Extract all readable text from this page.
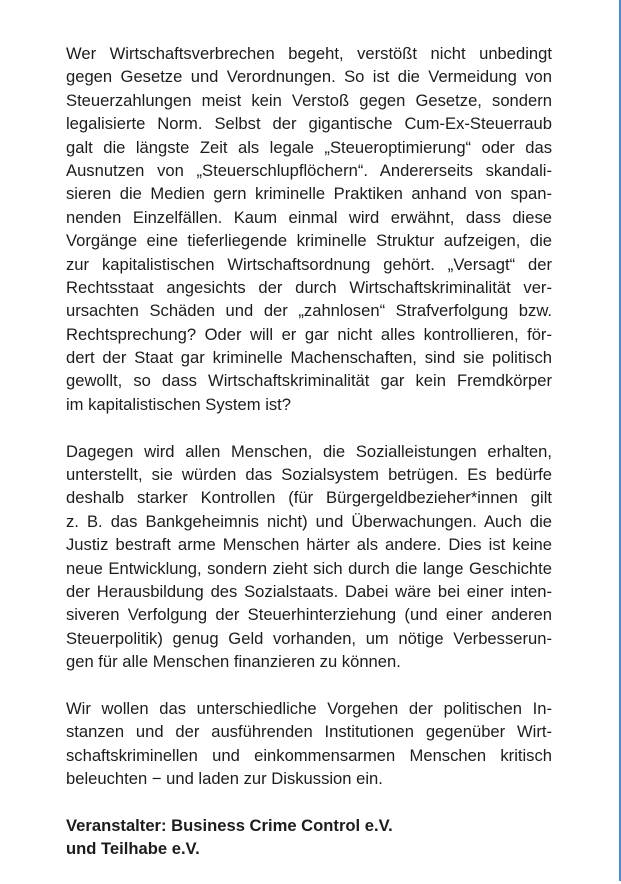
Wer Wirtschaftsverbrechen begeht, verstößt nicht unbedingt
gegen Gesetze und Verordnungen. So ist die Vermeidung von
Steuerzahlungen meist kein Verstoß gegen Gesetze, sondern
legalisierte Norm. Selbst der gigantische Cum-Ex-Steuerraub
galt die längste Zeit als legale „Steueroptimierung“ oder das
Ausnutzen von „Steuerschlupflöchern“. Andererseits skandali-
sieren die Medien gern kriminelle Praktiken anhand von span-
nenden Einzelfällen. Kaum einmal wird erwähnt, dass diese
Vorgänge eine tieferliegende kriminelle Struktur aufzeigen, die
zur kapitalistischen Wirtschaftsordnung gehört. „Versagt“ der
Rechtsstaat angesichts der durch Wirtschaftskriminalität ver-
ursachten Schäden und der „zahnlosen“ Strafverfolgung bzw.
Rechtsprechung? Oder will er gar nicht alles kontrollieren, för-
dert der Staat gar kriminelle Machenschaften, sind sie politisch
gewollt, so dass Wirtschaftskriminalität gar kein Fremdkörper
im kapitalistischen System ist?
Dagegen wird allen Menschen, die Sozialleistungen erhalten,
unterstellt, sie würden das Sozialsystem betrügen. Es bedürfe
deshalb starker Kontrollen (für Bürgergeldbezieher*innen gilt
z. B. das Bankgeheimnis nicht) und Überwachungen. Auch die
Justiz bestraft arme Menschen härter als andere. Dies ist keine
neue Entwicklung, sondern zieht sich durch die lange Geschichte
der Herausbildung des Sozialstaats. Dabei wäre bei einer inten-
siveren Verfolgung der Steuerhinterziehung (und einer anderen
Steuerpolitik) genug Geld vorhanden, um nötige Verbesserun-
gen für alle Menschen finanzieren zu können.
Wir wollen das unterschiedliche Vorgehen der politischen In-
stanzen und der ausführenden Institutionen gegenüber Wirt-
schaftskriminellen und einkommensarmen Menschen kritisch
beleuchten − und laden zur Diskussion ein.
Veranstalter: Business Crime Control e.V.
und Teilhabe e.V.
